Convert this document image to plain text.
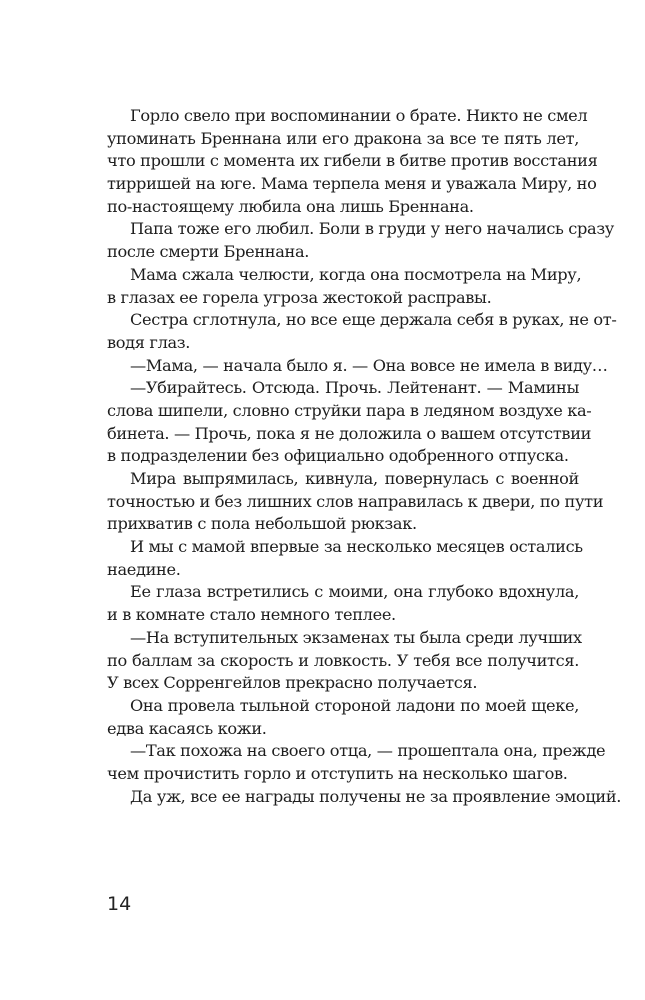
Горло свело при воспоминании о брате. Никто не смел
упоминать Бреннана или его дракона за все те пять лет,
что прошли с момента их гибели в битве против восстания
тирришей на юге. Мама терпела меня и уважала Миру, но
по-настоящему любила она лишь Бреннана.
Папа тоже его любил. Боли в груди у него начались сразу
после смерти Бреннана.
Мама сжала челюсти, когда она посмотрела на Миру,
в глазах ее горела угроза жестокой расправы.
Сестра сглотнула, но все еще держала себя в руках, не от-
водя глаз.
—Мама, — начала было я. — Она вовсе не имела в виду…
—Убирайтесь. Отсюда. Прочь. Лейтенант. — Мамины
слова шипели, словно струйки пара в ледяном воздухе ка-
бинета. — Прочь, пока я не доложила о вашем отсутствии
в подразделении без официально одобренного отпуска.
Мира выпрямилась, кивнула, повернулась с военной
точностью и без лишних слов направилась к двери, по пути
прихватив с пола небольшой рюкзак.
И мы с мамой впервые за несколько месяцев остались
наедине.
Ее глаза встретились с моими, она глубоко вдохнула,
и в комнате стало немного теплее.
—На вступительных экзаменах ты была среди лучших
по баллам за скорость и ловкость. У тебя все получится.
У всех Сорренгейлов прекрасно получается.
Она провела тыльной стороной ладони по моей щеке,
едва касаясь кожи.
—Так похожа на своего отца, — прошептала она, прежде
чем прочистить горло и отступить на несколько шагов.
Да уж, все ее награды получены не за проявление эмоций.
14
